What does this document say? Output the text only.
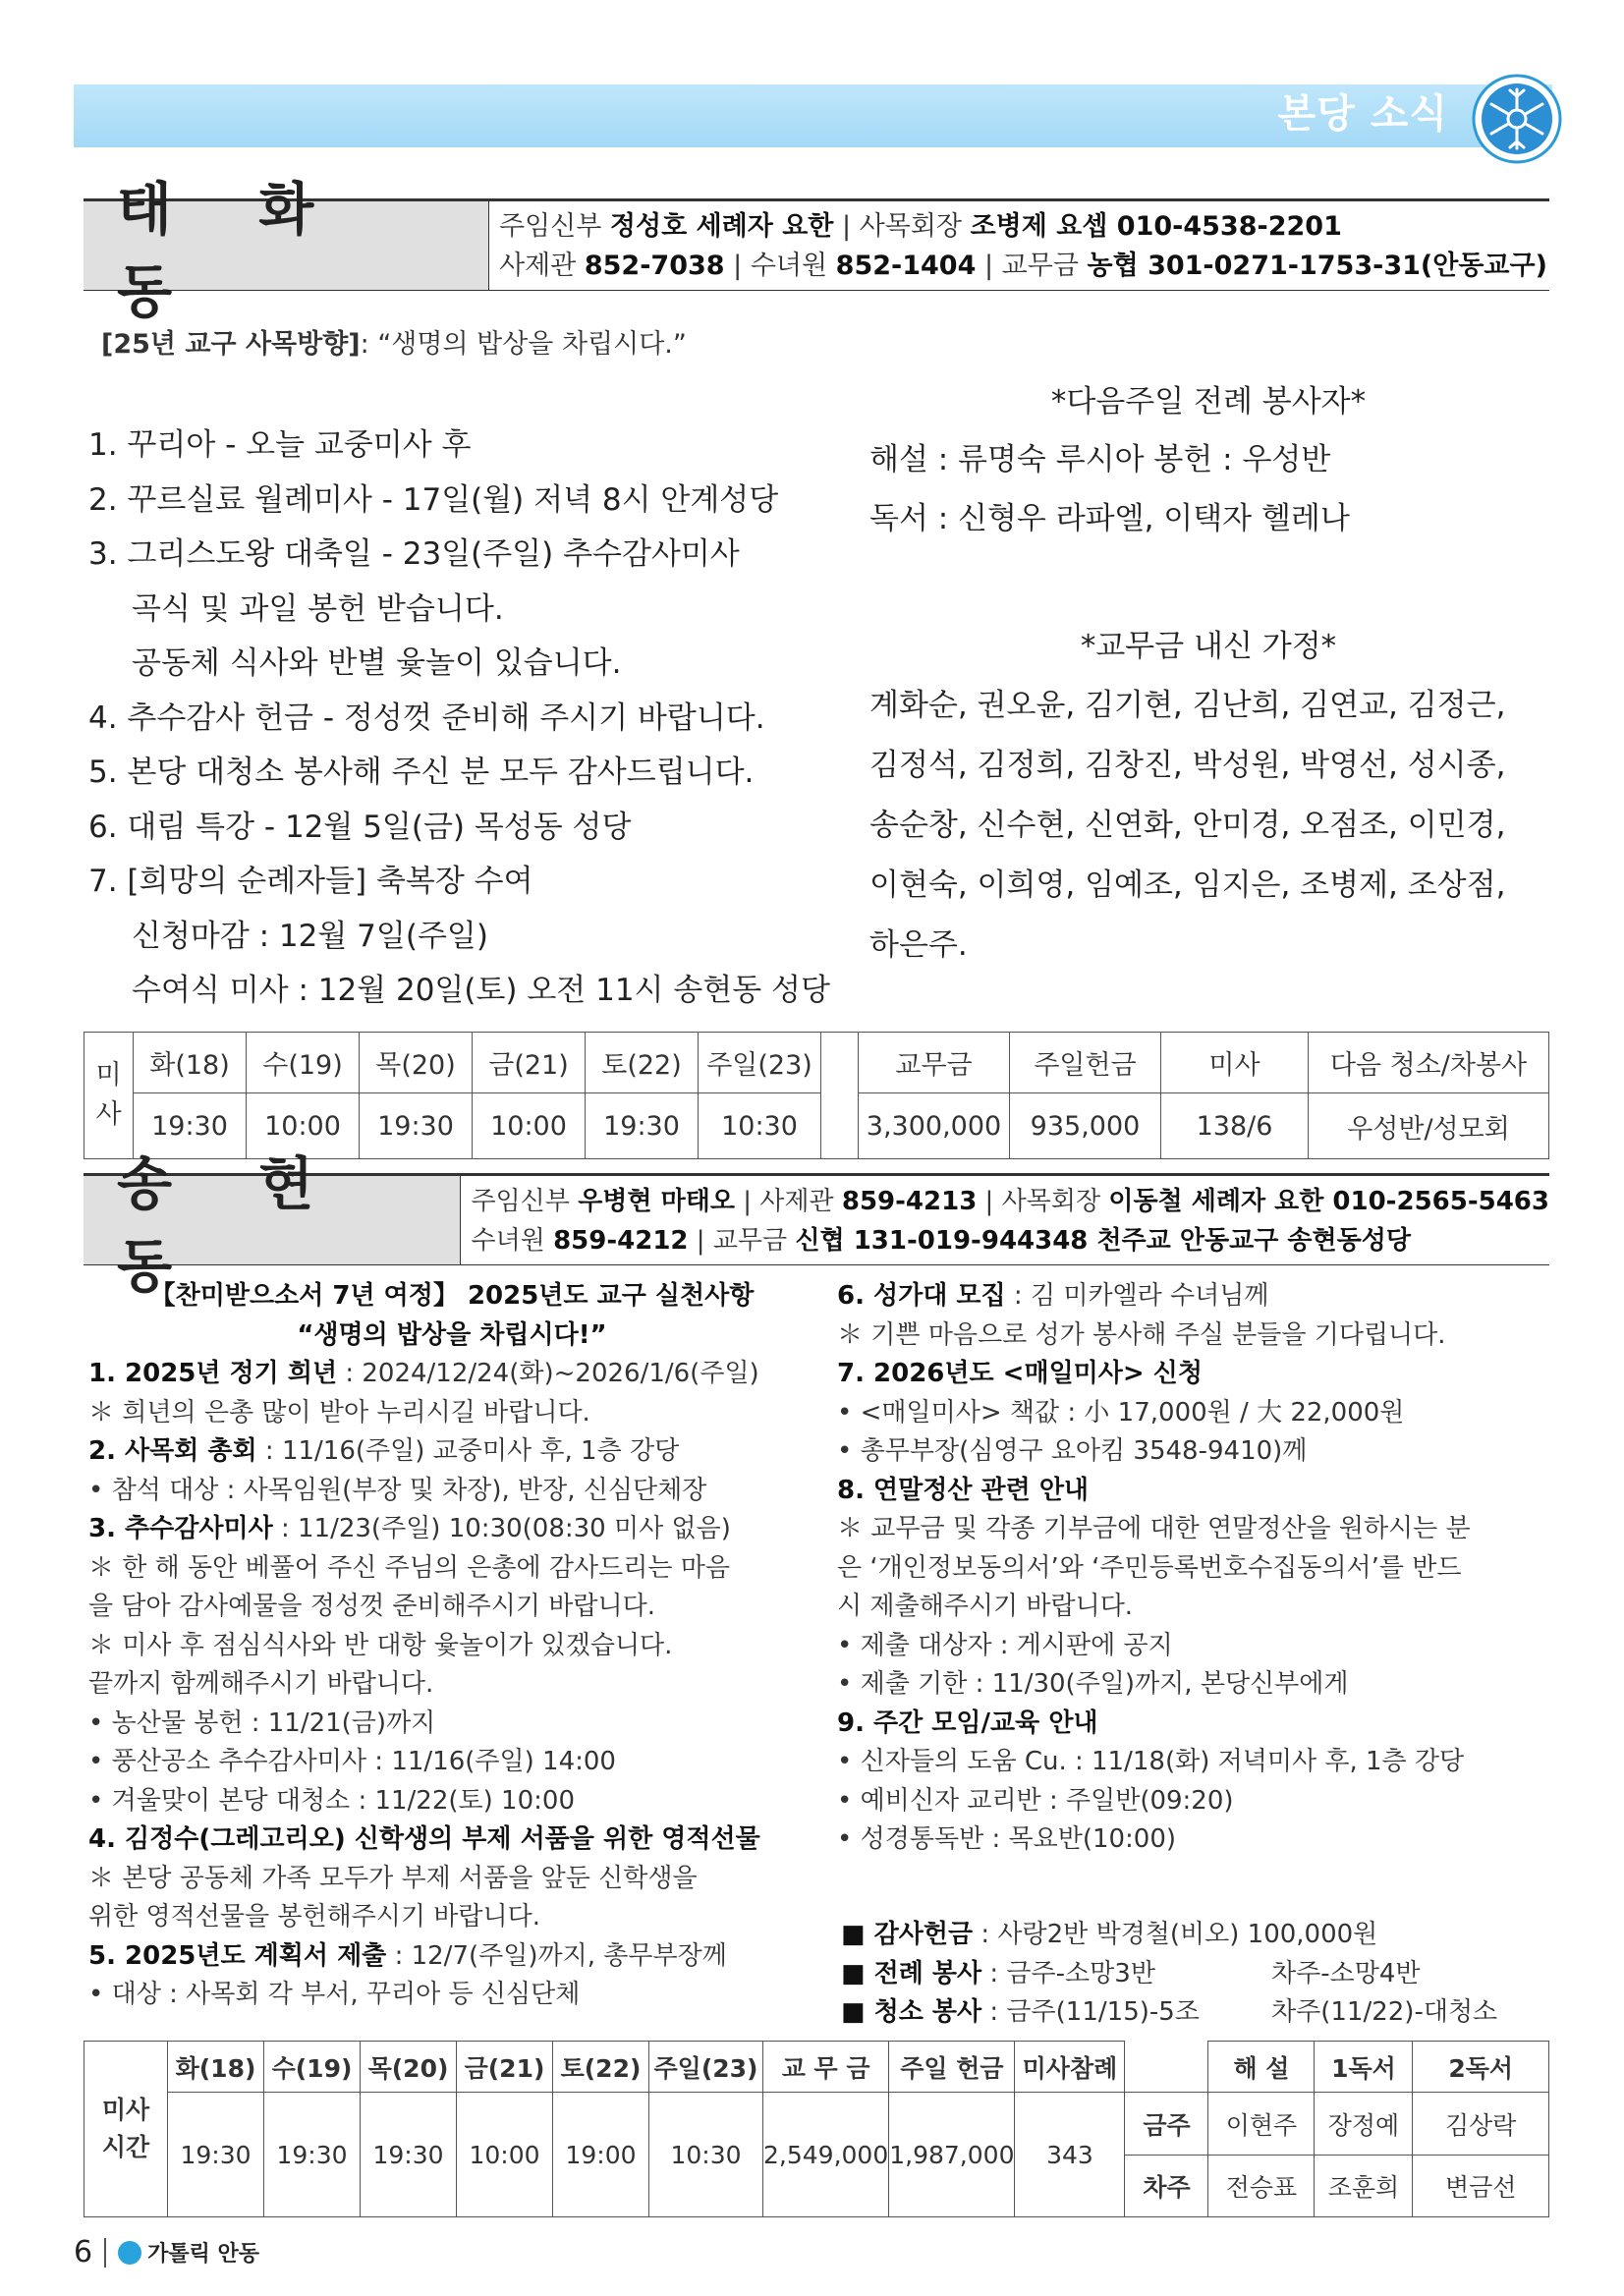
본당 소식
태 화 동
주임신부 정성호 세례자 요한 | 사목회장 조병제 요셉 010-4538-2201
사제관 852-7038 | 수녀원 852-1404 | 교무금 농협 301-0271-1753-31(안동교구)
[25년 교구 사목방향]: “생명의 밥상을 차립시다.”
1. 꾸리아 - 오늘 교중미사 후
2. 꾸르실료 월례미사 - 17일(월) 저녁 8시 안계성당
3. 그리스도왕 대축일 - 23일(주일) 추수감사미사
곡식 및 과일 봉헌 받습니다.
공동체 식사와 반별 윷놀이 있습니다.
4. 추수감사 헌금 - 정성껏 준비해 주시기 바랍니다.
5. 본당 대청소 봉사해 주신 분 모두 감사드립니다.
6. 대림 특강 - 12월 5일(금) 목성동 성당
7. [희망의 순례자들] 축복장 수여
신청마감 : 12월 7일(주일)
수여식 미사 : 12월 20일(토) 오전 11시 송현동 성당
*다음주일 전례 봉사자*
해설 : 류명숙 루시아 봉헌 : 우성반
독서 : 신형우 라파엘, 이택자 헬레나
*교무금 내신 가정*
계화순, 권오윤, 김기현, 김난희, 김연교, 김정근,
김정석, 김정희, 김창진, 박성원, 박영선, 성시종,
송순창, 신수현, 신연화, 안미경, 오점조, 이민경,
이현숙, 이희영, 임예조, 임지은, 조병제, 조상점,
하은주.
미
사	화(18)	수(19)	목(20)	금(21)	토(22)	주일(23)		교무금	주일헌금	미사	다음 청소/차봉사
	19:30	10:00	19:30	10:00	19:30	10:30		3,300,000	935,000	138/6	우성반/성모회
송 현 동
주임신부 우병현 마태오 | 사제관 859-4213 | 사목회장 이동철 세례자 요한 010-2565-5463
수녀원 859-4212 | 교무금 신협 131-019-944348 천주교 안동교구 송현동성당
【찬미받으소서 7년 여정】 2025년도 교구 실천사항
“생명의 밥상을 차립시다!”
1. 2025년 정기 희년 : 2024/12/24(화)~2026/1/6(주일)
＊ 희년의 은총 많이 받아 누리시길 바랍니다.
2. 사목회 총회 : 11/16(주일) 교중미사 후, 1층 강당
• 참석 대상 : 사목임원(부장 및 차장), 반장, 신심단체장
3. 추수감사미사 : 11/23(주일) 10:30(08:30 미사 없음)
＊ 한 해 동안 베풀어 주신 주님의 은총에 감사드리는 마음
을 담아 감사예물을 정성껏 준비해주시기 바랍니다.
＊ 미사 후 점심식사와 반 대항 윷놀이가 있겠습니다.
끝까지 함께해주시기 바랍니다.
• 농산물 봉헌 : 11/21(금)까지
• 풍산공소 추수감사미사 : 11/16(주일) 14:00
• 겨울맞이 본당 대청소 : 11/22(토) 10:00
4. 김정수(그레고리오) 신학생의 부제 서품을 위한 영적선물
＊ 본당 공동체 가족 모두가 부제 서품을 앞둔 신학생을
위한 영적선물을 봉헌해주시기 바랍니다.
5. 2025년도 계획서 제출 : 12/7(주일)까지, 총무부장께
• 대상 : 사목회 각 부서, 꾸리아 등 신심단체
6. 성가대 모집 : 김 미카엘라 수녀님께
＊ 기쁜 마음으로 성가 봉사해 주실 분들을 기다립니다.
7. 2026년도 <매일미사> 신청
• <매일미사> 책값 : 小 17,000원 / 大 22,000원
• 총무부장(심영구 요아킴 3548-9410)께
8. 연말정산 관련 안내
＊ 교무금 및 각종 기부금에 대한 연말정산을 원하시는 분
은 ‘개인정보동의서’와 ‘주민등록번호수집동의서’를 반드
시 제출해주시기 바랍니다.
• 제출 대상자 : 게시판에 공지
• 제출 기한 : 11/30(주일)까지, 본당신부에게
9. 주간 모임/교육 안내
• 신자들의 도움 Cu. : 11/18(화) 저녁미사 후, 1층 강당
• 예비신자 교리반 : 주일반(09:20)
• 성경통독반 : 목요반(10:00)
■ 감사헌금 : 사랑2반 박경철(비오) 100,000원
■ 전례 봉사 : 금주-소망3반	차주-소망4반
■ 청소 봉사 : 금주(11/15)-5조	차주(11/22)-대청소
미사
시간	화(18)	수(19)	목(20)	금(21)	토(22)	주일(23)	교 무 금	주일 헌금	미사참례		해 설	1독서	2독서
	19:30	19:30	19:30	10:00	19:00	10:30	2,549,000	1,987,000	343	금주	이현주	장정예	김상락
										차주	전승표	조훈희	변금선
6	가톨릭 안동
